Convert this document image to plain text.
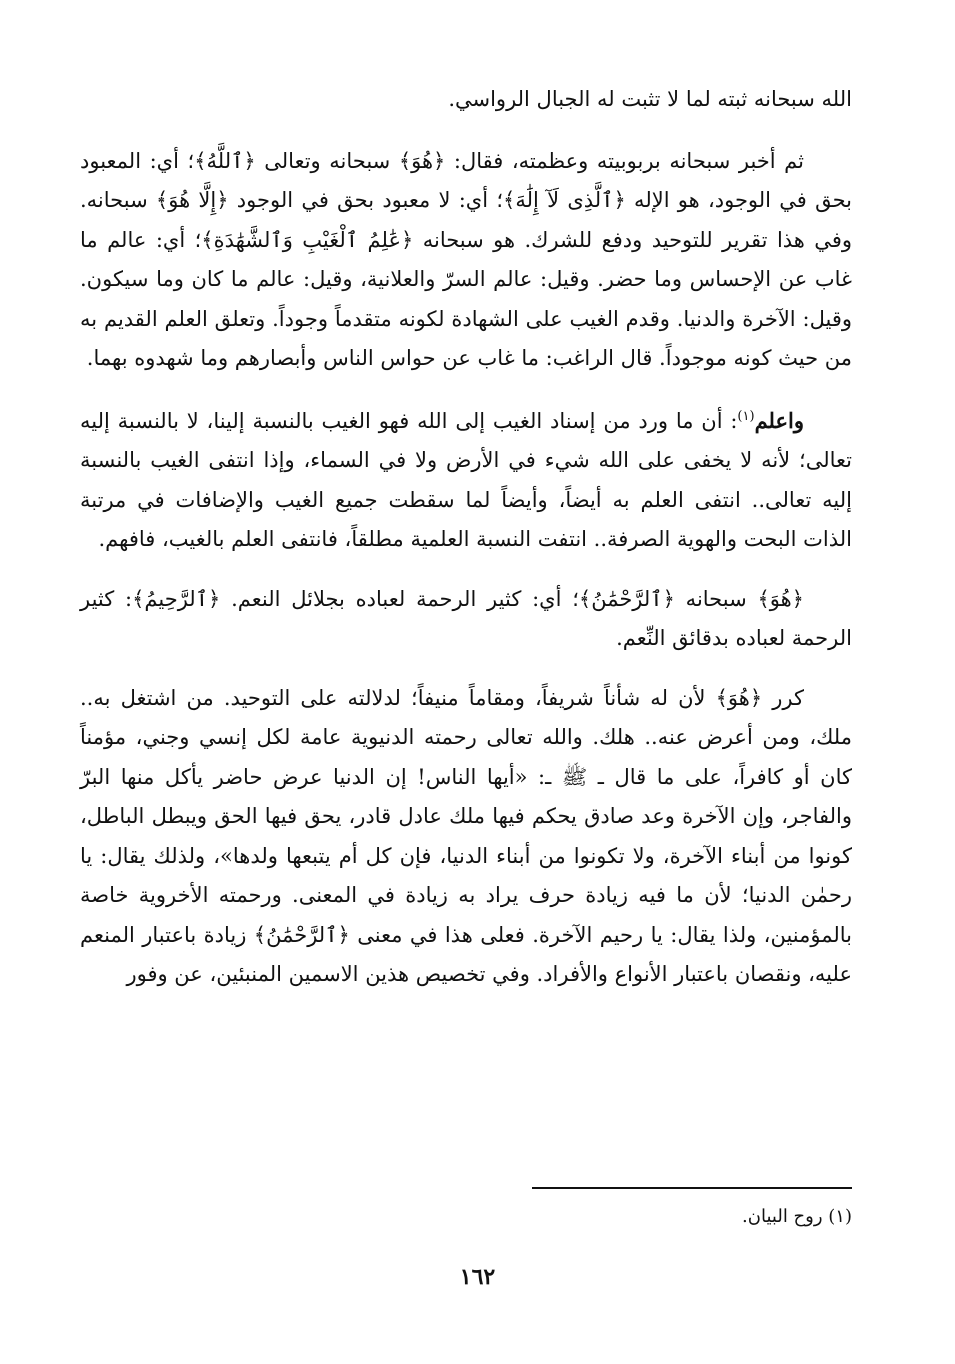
الله سبحانه ثبته لما لا تثبت له الجبال الرواسي.

ثم أخبر سبحانه بربوبيته وعظمته، فقال: ﴿هُوَ﴾ سبحانه وتعالى ﴿ٱللَّهُ﴾؛ أي: المعبود بحق في الوجود، هو الإله ﴿ٱلَّذِى لَآ إِلَٰهَ﴾؛ أي: لا معبود بحق في الوجود ﴿إِلَّا هُوَ﴾ سبحانه. وفي هذا تقرير للتوحيد ودفع للشرك. هو سبحانه ﴿عَٰلِمُ ٱلْغَيْبِ وَٱلشَّهَٰدَةِ﴾؛ أي: عالم ما غاب عن الإحساس وما حضر. وقيل: عالم السرّ والعلانية، وقيل: عالم ما كان وما سيكون. وقيل: الآخرة والدنيا. وقدم الغيب على الشهادة لكونه متقدماً وجوداً. وتعلق العلم القديم به من حيث كونه موجوداً. قال الراغب: ما غاب عن حواس الناس وأبصارهم وما شهدوه بهما.

واعلم$^{(١)}$: أن ما ورد من إسناد الغيب إلى الله فهو الغيب بالنسبة إلينا، لا بالنسبة إليه تعالى؛ لأنه لا يخفى على الله شيء في الأرض ولا في السماء، وإذا انتفى الغيب بالنسبة إليه تعالى.. انتفى العلم به أيضاً، وأيضاً لما سقطت جميع الغيب والإضافات في مرتبة الذات البحت والهوية الصرفة.. انتفت النسبة العلمية مطلقاً، فانتفى العلم بالغيب، فافهم.

﴿هُوَ﴾ سبحانه ﴿ٱلرَّحْمَٰنُ﴾؛ أي: كثير الرحمة لعباده بجلائل النعم. ﴿ٱلرَّحِيمُ﴾: كثير الرحمة لعباده بدقائق النِّعم.

كرر ﴿هُوَ﴾ لأن له شأناً شريفاً، ومقاماً منيفاً؛ لدلالته على التوحيد. من اشتغل به.. ملك، ومن أعرض عنه.. هلك. والله تعالى رحمته الدنيوية عامة لكل إنسي وجني، مؤمناً كان أو كافراً، على ما قال ـ ﷺ ـ: «أيها الناس! إن الدنيا عرض حاضر يأكل منها البرّ والفاجر، وإن الآخرة وعد صادق يحكم فيها ملك عادل قادر، يحق فيها الحق ويبطل الباطل، كونوا من أبناء الآخرة، ولا تكونوا من أبناء الدنيا، فإن كل أم يتبعها ولدها»، ولذلك يقال: يا رحمٰن الدنيا؛ لأن ما فيه زيادة حرف يراد به زيادة في المعنى. ورحمته الأخروية خاصة بالمؤمنين، ولذا يقال: يا رحيم الآخرة. فعلى هذا في معنى ﴿ٱلرَّحْمَٰنُ﴾ زيادة باعتبار المنعم عليه، ونقصان باعتبار الأنواع والأفراد. وفي تخصيص هذين الاسمين المنبئين، عن وفور

(١) روح البيان.
١٦٢
